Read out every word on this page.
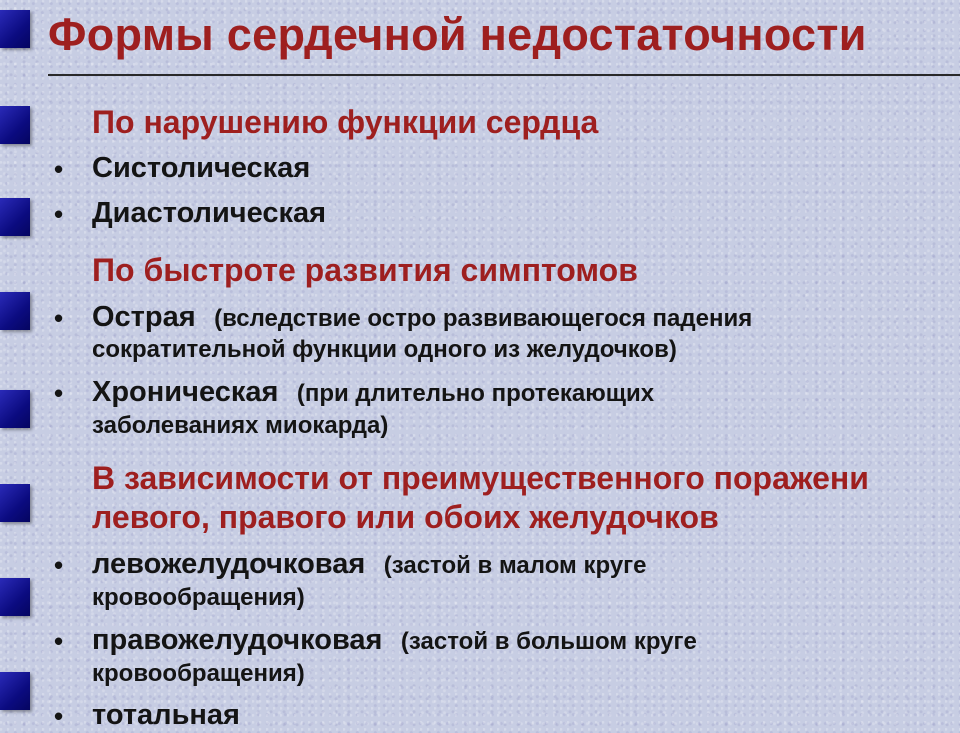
Формы сердечной недостаточности
По нарушению функции сердца
• Систолическая
• Диастолическая
По быстроте развития симптомов
• Острая (вследствие остро развивающегося падения
сократительной функции одного из желудочков)
• Хроническая (при длительно протекающих
заболеваниях миокарда)
В зависимости от преимущественного поражени
левого, правого или обоих желудочков
• левожелудочковая (застой в малом круге
кровообращения)
• правожелудочковая (застой в большом круге
кровообращения)
• тотальная
